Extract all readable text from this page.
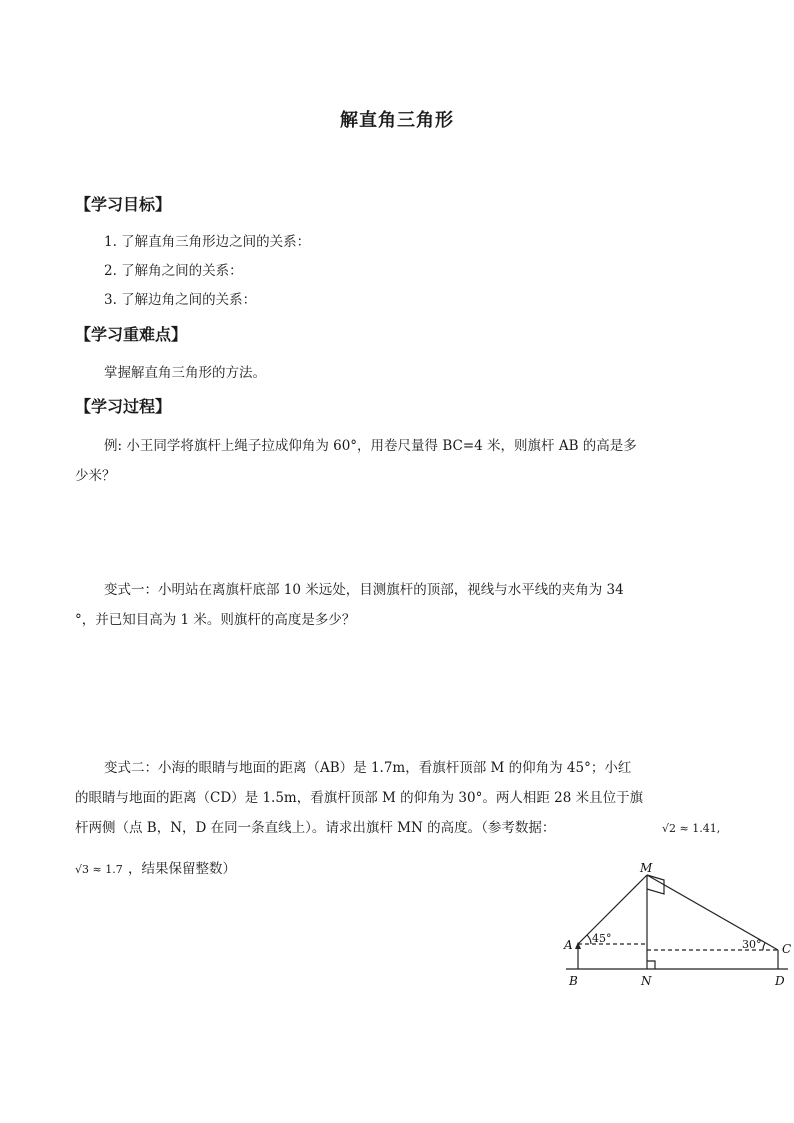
解直角三角形
【学习目标】
1. 了解直角三角形边之间的关系：
2. 了解角之间的关系：
3. 了解边角之间的关系：
【学习重难点】
掌握解直角三角形的方法。
【学习过程】
例: 小王同学将旗杆上绳子拉成仰角为 60°，用卷尺量得 BC=4 米，则旗杆 AB 的高是多
少米？
变式一：小明站在离旗杆底部 10 米远处，目测旗杆的顶部，视线与水平线的夹角为 34
°，并已知目高为 1 米。则旗杆的高度是多少？
变式二：小海的眼睛与地面的距离（AB）是 1.7m，看旗杆顶部 M 的仰角为 45°；小红
的眼睛与地面的距离（CD）是 1.5m，看旗杆顶部 M 的仰角为 30°。两人相距 28 米且位于旗
杆两侧（点 B，N，D 在同一条直线上）。请求出旗杆 MN 的高度。（参考数据：	√2 ≈ 1.41,
√3 ≈ 1.7 ，结果保留整数）	M
A
B	N
C
D
45°	30°
